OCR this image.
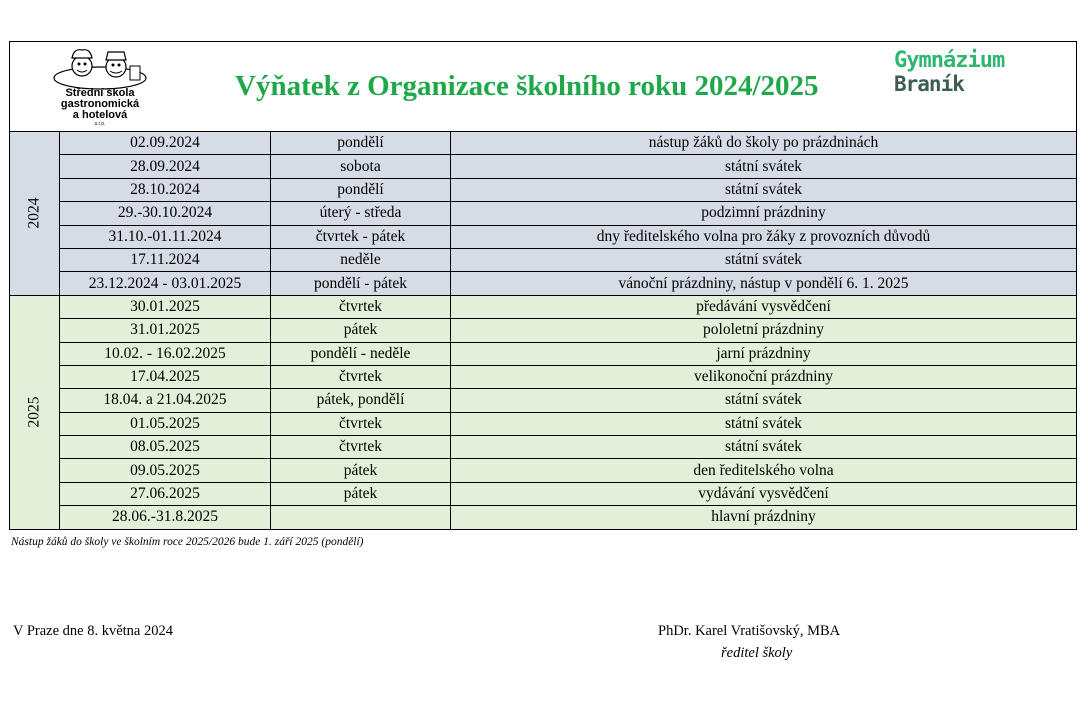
Střední škola
gastronomická
a hotelová
s.r.o.
Výňatek z Organizace školního roku 2024/2025
Gymnázium
Braník
2024	02.09.2024	pondělí	nástup žáků do školy po prázdninách
	28.09.2024	sobota	státní svátek
	28.10.2024	pondělí	státní svátek
	29.-30.10.2024	úterý - středa	podzimní prázdniny
	31.10.-01.11.2024	čtvrtek - pátek	dny ředitelského volna pro žáky z provozních důvodů
	17.11.2024	neděle	státní svátek
	23.12.2024 - 03.01.2025	pondělí - pátek	vánoční prázdniny, nástup v pondělí 6. 1. 2025
2025	30.01.2025	čtvrtek	předávání vysvědčení
	31.01.2025	pátek	pololetní prázdniny
	10.02. - 16.02.2025	pondělí - neděle	jarní prázdniny
	17.04.2025	čtvrtek	velikonoční prázdniny
	18.04. a 21.04.2025	pátek, pondělí	státní svátek
	01.05.2025	čtvrtek	státní svátek
	08.05.2025	čtvrtek	státní svátek
	09.05.2025	pátek	den ředitelského volna
	27.06.2025	pátek	vydávání vysvědčení
	28.06.-31.8.2025		hlavní prázdniny
Nástup žáků do školy ve školním roce 2025/2026 bude 1. září 2025 (pondělí)
V Praze dne 8. května 2024	PhDr. Karel Vratišovský, MBA
ředitel školy
